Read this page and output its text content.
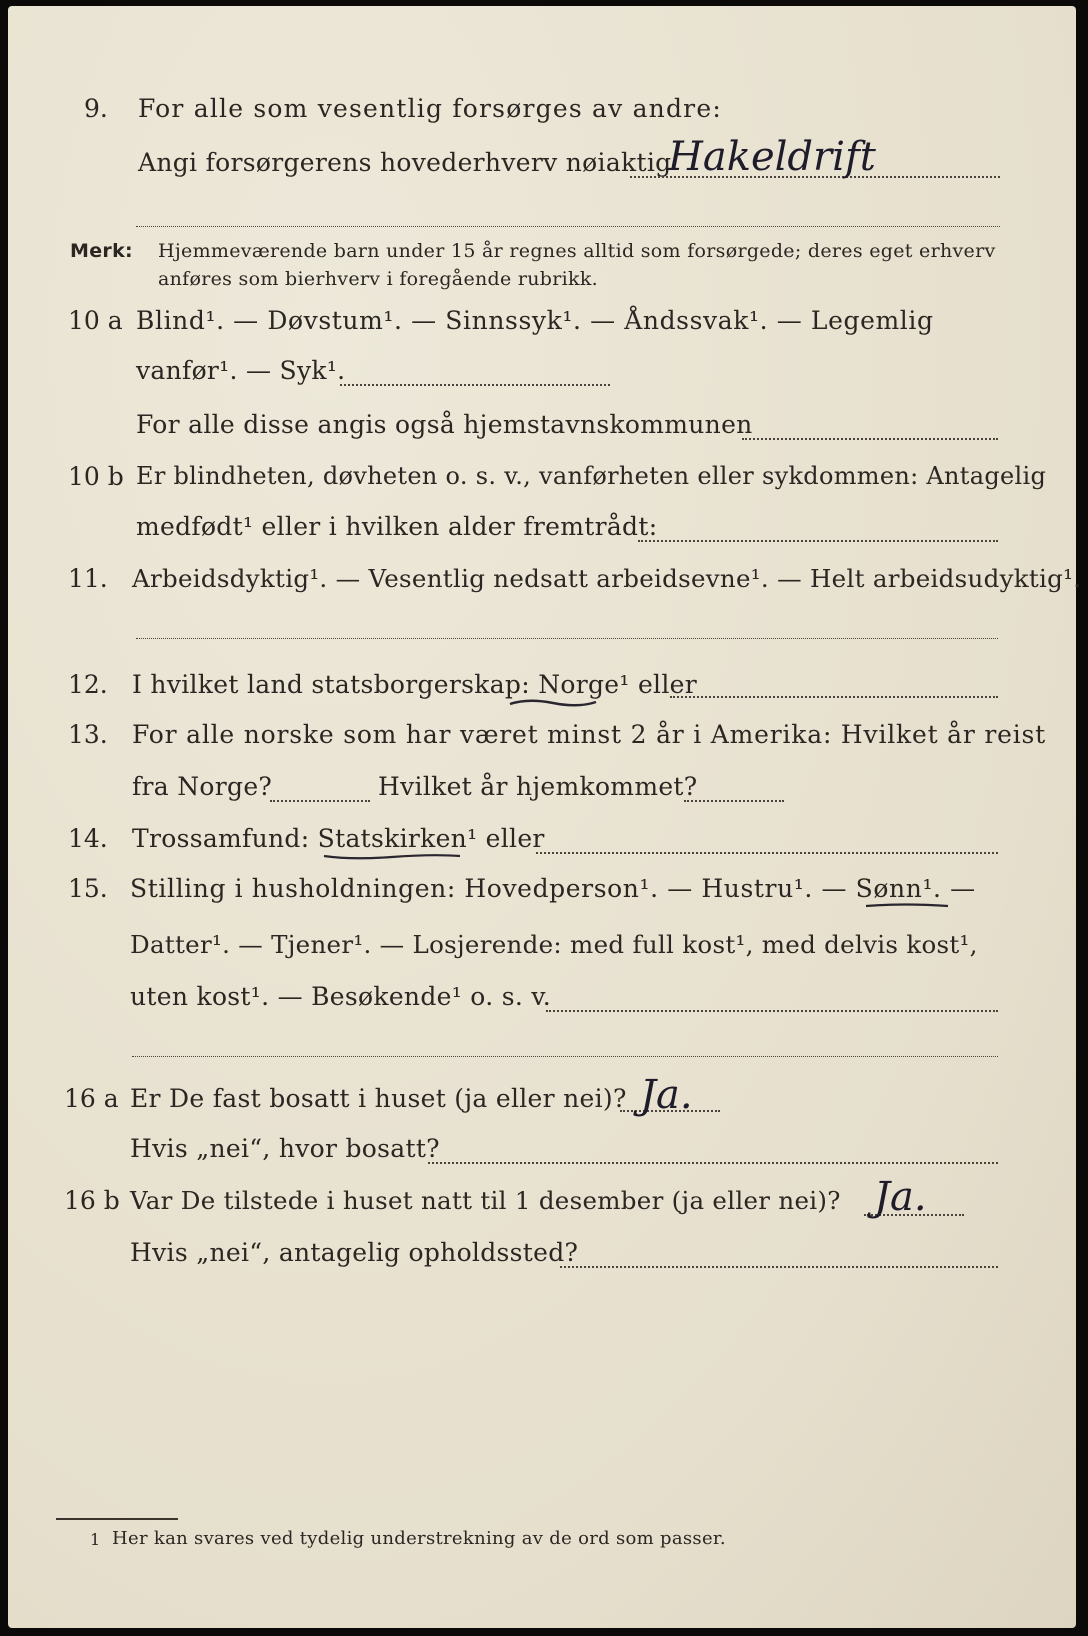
9. For alle som vesentlig forsørges av andre:
Angi forsørgerens hovederhverv nøiaktig
Hakeldrift
Merk: Hjemmeværende barn under 15 år regnes alltid som forsørgede; deres eget erhverv
anføres som bierhverv i foregående rubrikk.
10 a Blind¹. — Døvstum¹. — Sinnssyk¹. — Åndssvak¹. — Legemlig
vanfør¹. — Syk¹.
For alle disse angis også hjemstavnskommunen
10 b Er blindheten, døvheten o. s. v., vanførheten eller sykdommen: Antagelig
medfødt¹ eller i hvilken alder fremtrådt:
11. Arbeidsdyktig¹. — Vesentlig nedsatt arbeidsevne¹. — Helt arbeidsudyktig¹.
12. I hvilket land statsborgerskap: Norge¹ eller
13. For alle norske som har været minst 2 år i Amerika: Hvilket år reist
fra Norge?	Hvilket år hjemkommet?
14. Trossamfund: Statskirken¹ eller
15. Stilling i husholdningen: Hovedperson¹. — Hustru¹. — Sønn¹. —
Datter¹. — Tjener¹. — Losjerende: med full kost¹, med delvis kost¹,
uten kost¹. — Besøkende¹ o. s. v.
16 a Er De fast bosatt i huset (ja eller nei)? Ja.
Hvis „nei“, hvor bosatt?
16 b Var De tilstede i huset natt til 1 desember (ja eller nei)? Ja.
Hvis „nei“, antagelig opholdssted?
1 Her kan svares ved tydelig understrekning av de ord som passer.
